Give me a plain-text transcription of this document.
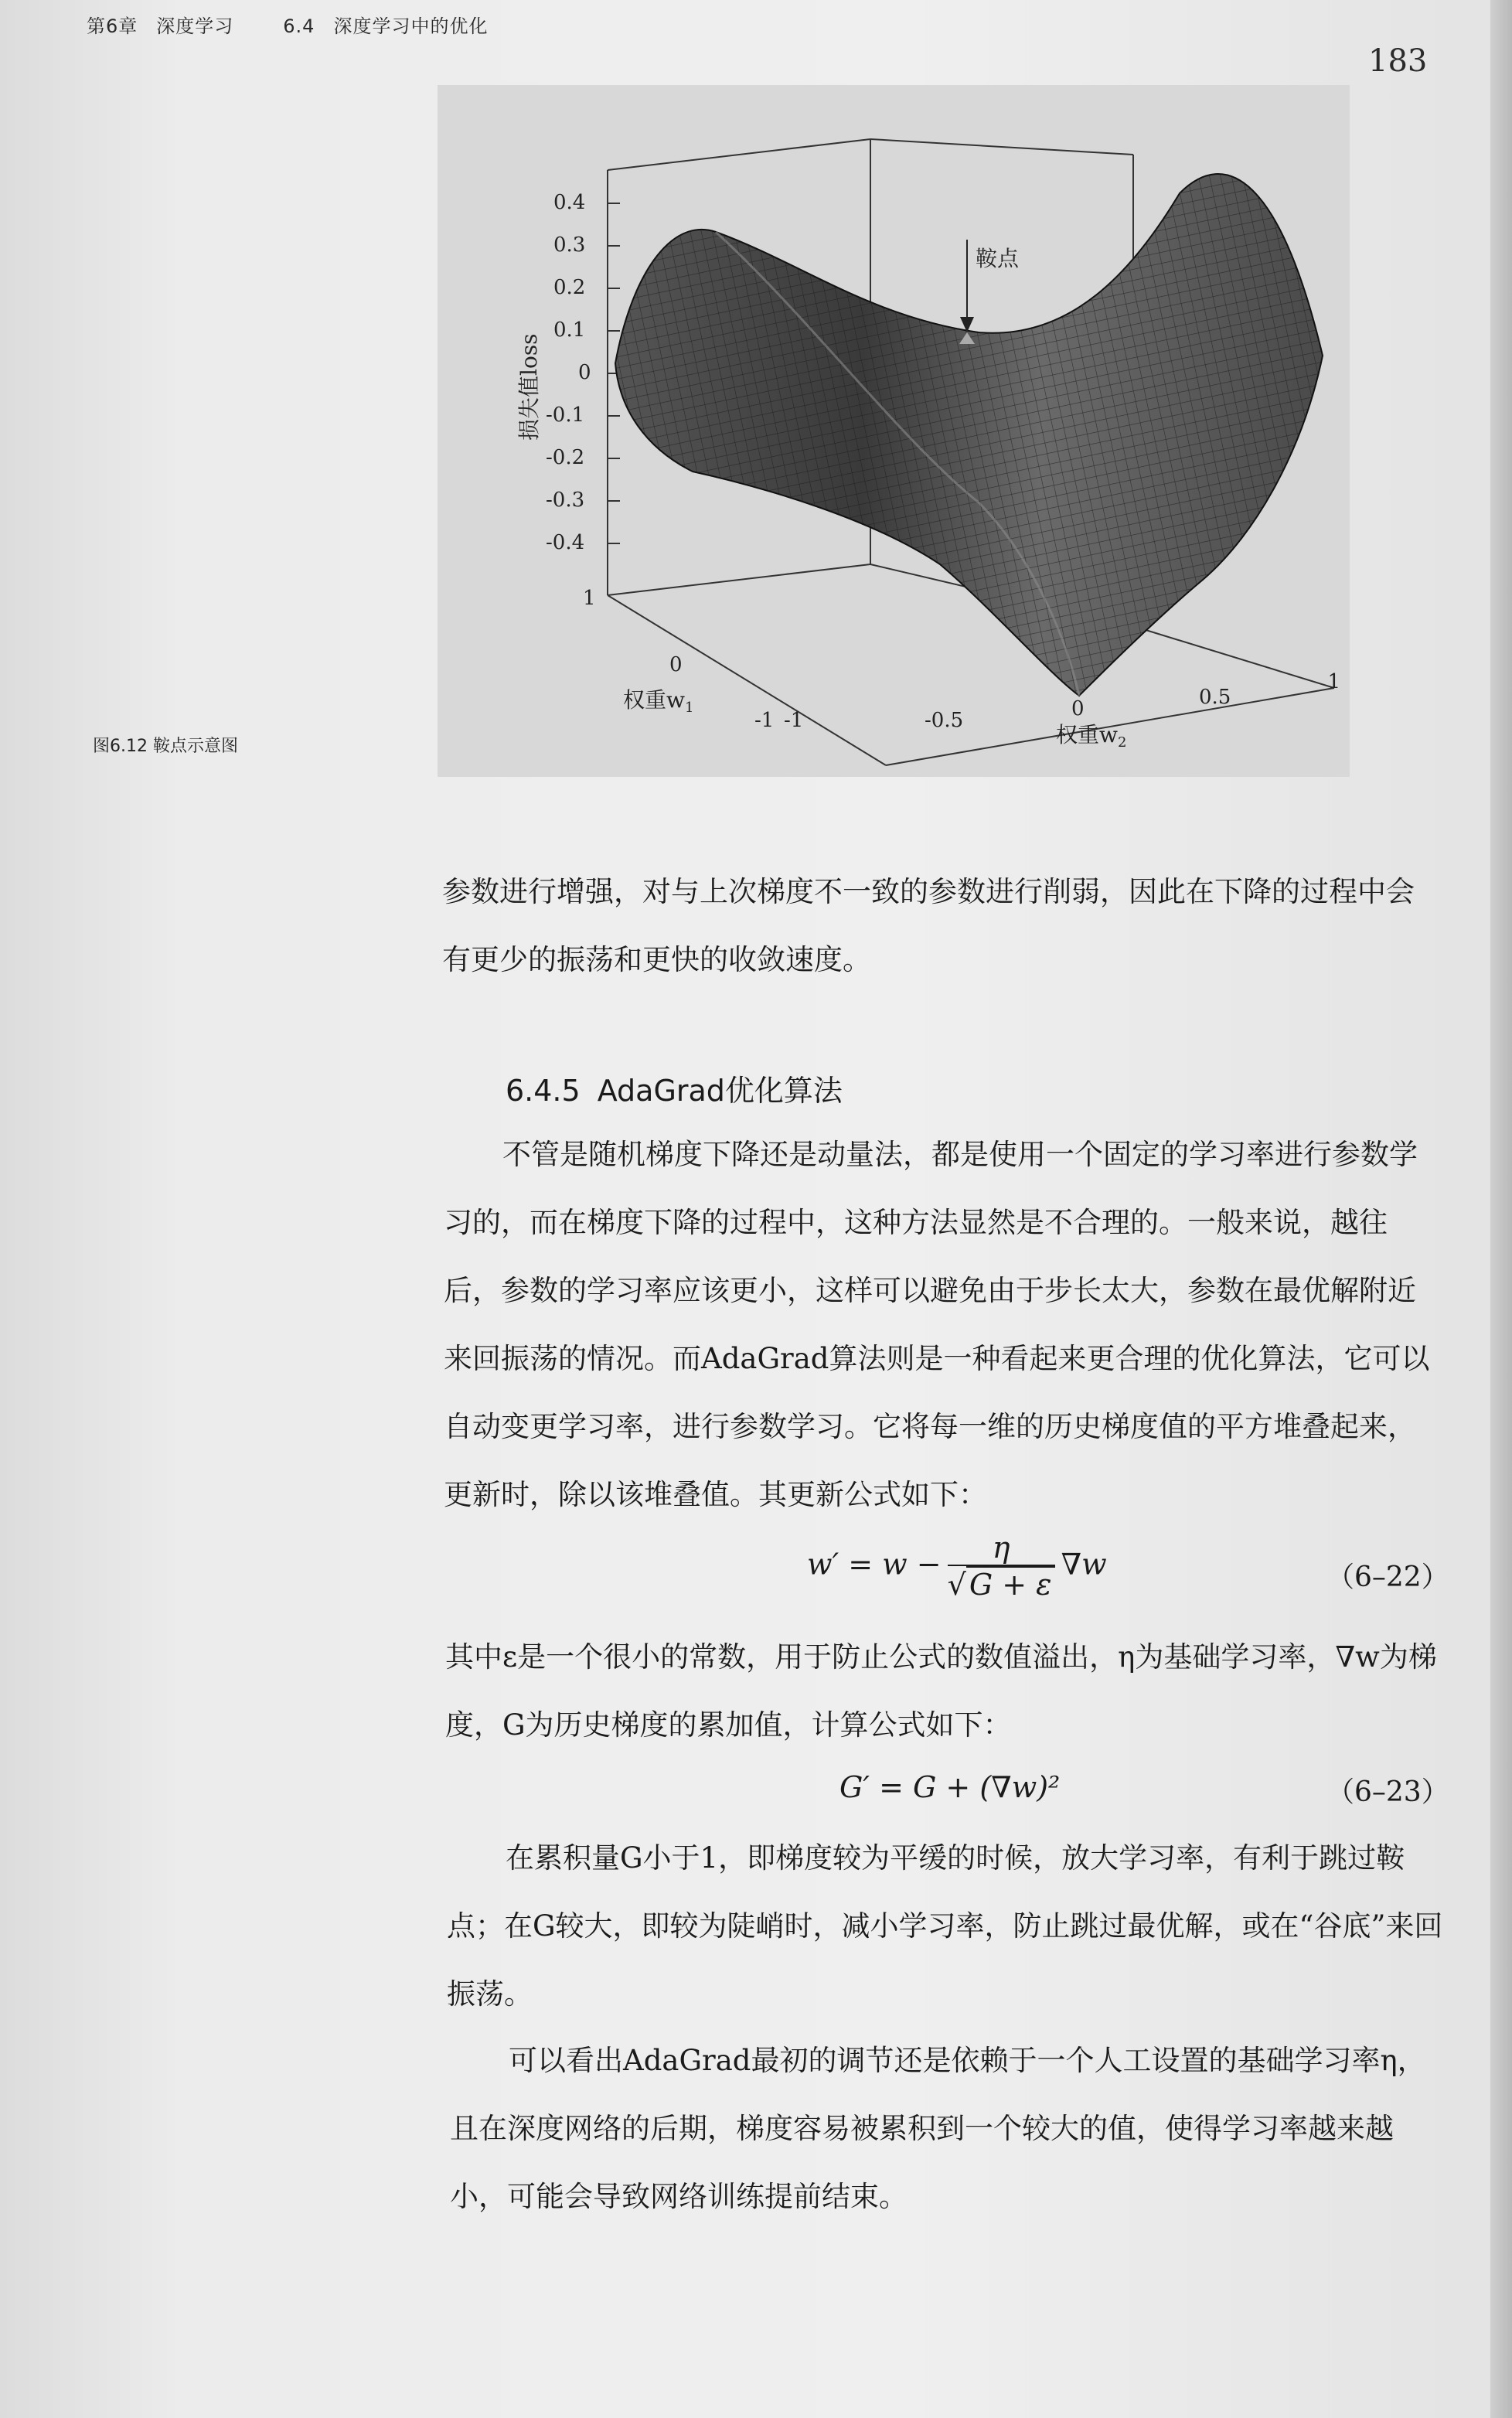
第6章 深度学习	6.4 深度学习中的优化
183
鞍点
0.4
0.3
0.2
0.1
0
-0.1
-0.2
-0.3
-0.4
1
0
-1 -1	-0.5	0	0.5
1
损失值loss
权重$w_1$
权重$w_2$
图6.12 鞍点示意图

参数进行增强，对与上次梯度不一致的参数进行削弱，因此在下降的过程中会有更少的振荡和更快的收敛速度。

6.4.5 AdaGrad优化算法

不管是随机梯度下降还是动量法，都是使用一个固定的学习率进行参数学习的，而在梯度下降的过程中，这种方法显然是不合理的。一般来说，越往后，参数的学习率应该更小，这样可以避免由于步长太大，参数在最优解附近来回振荡的情况。而AdaGrad算法则是一种看起来更合理的优化算法，它可以自动变更学习率，进行参数学习。它将每一维的历史梯度值的平方堆叠起来，更新时，除以该堆叠值。其更新公式如下：

$w' = w - \frac{\eta}{√ G + \varepsilon} \nabla w$	（6–22）

其中ε是一个很小的常数，用于防止公式的数值溢出，η为基础学习率，∇w为梯度，G为历史梯度的累加值，计算公式如下：

G′ = G + (∇w)²	（6–23）

在累积量G小于1，即梯度较为平缓的时候，放大学习率，有利于跳过鞍点；在G较大，即较为陡峭时，减小学习率，防止跳过最优解，或在“谷底”来回振荡。

可以看出AdaGrad最初的调节还是依赖于一个人工设置的基础学习率η，且在深度网络的后期，梯度容易被累积到一个较大的值，使得学习率越来越小，可能会导致网络训练提前结束。
